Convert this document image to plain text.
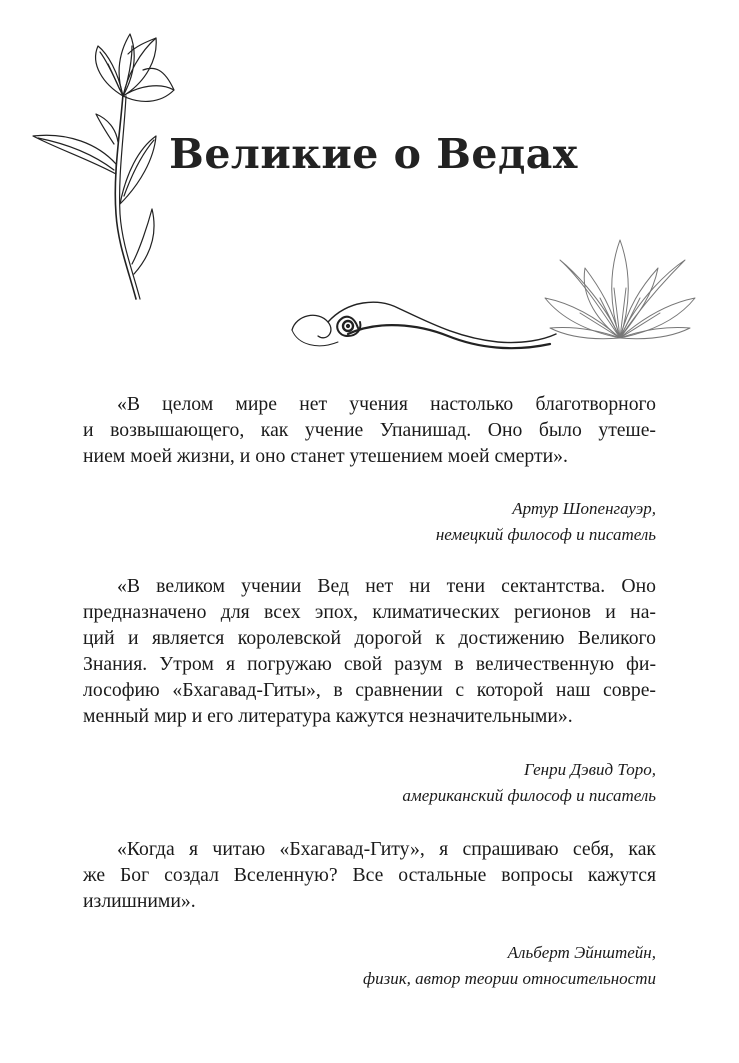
Великие о Ведах
«В целом мире нет учения настолько благотворного
и возвышающего, как учение Упанишад. Оно было утеше-
нием моей жизни, и оно станет утешением моей смерти».
Артур Шопенгауэр,
немецкий философ и писатель
«В великом учении Вед нет ни тени сектантства. Оно
предназначено для всех эпох, климатических регионов и на-
ций и является королевской дорогой к достижению Великого
Знания. Утром я погружаю свой разум в величественную фи-
лософию «Бхагавад-Гиты», в сравнении с которой наш совре-
менный мир и его литература кажутся незначительными».
Генри Дэвид Торо,
американский философ и писатель
«Когда я читаю «Бхагавад-Гиту», я спрашиваю себя, как
же Бог создал Вселенную? Все остальные вопросы кажутся
излишними».
Альберт Эйнштейн,
физик, автор теории относительности
